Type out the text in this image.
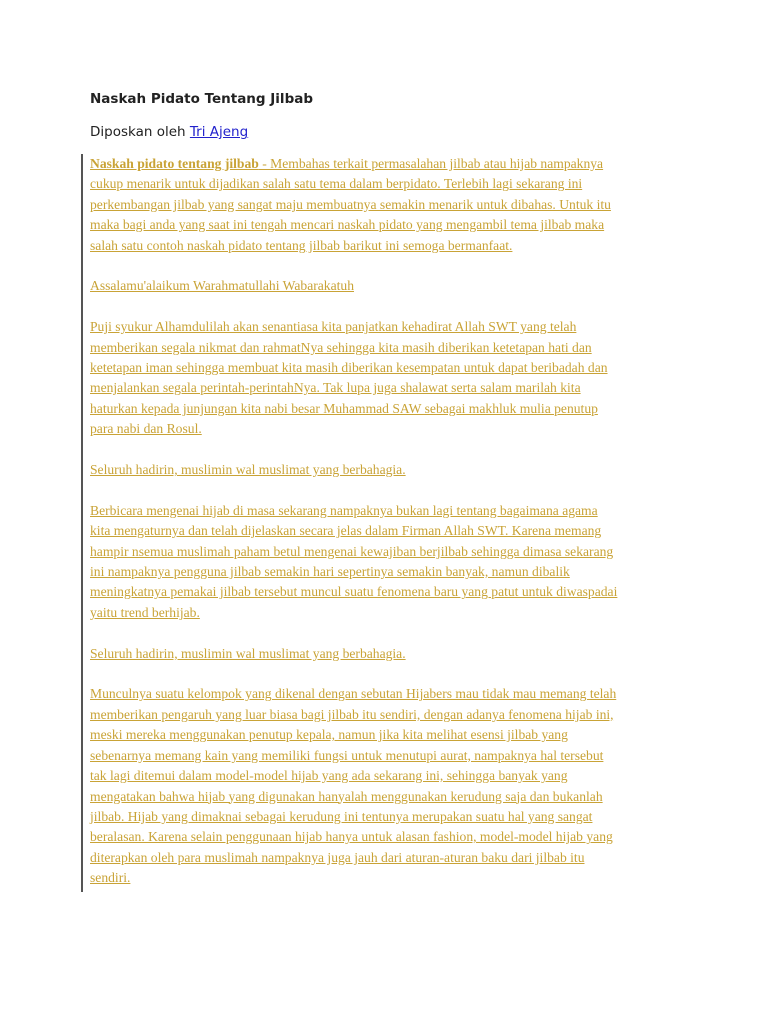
Naskah Pidato Tentang Jilbab
Diposkan oleh Tri Ajeng

Naskah pidato tentang jilbab - Membahas terkait permasalahan jilbab atau hijab nampaknya
cukup menarik untuk dijadikan salah satu tema dalam berpidato. Terlebih lagi sekarang ini
perkembangan jilbab yang sangat maju membuatnya semakin menarik untuk dibahas. Untuk itu
maka bagi anda yang saat ini tengah mencari naskah pidato yang mengambil tema jilbab maka
salah satu contoh naskah pidato tentang jilbab barikut ini semoga bermanfaat.

Assalamu'alaikum Warahmatullahi Wabarakatuh

Puji syukur Alhamdulilah akan senantiasa kita panjatkan kehadirat Allah SWT yang telah
memberikan segala nikmat dan rahmatNya sehingga kita masih diberikan ketetapan hati dan
ketetapan iman sehingga membuat kita masih diberikan kesempatan untuk dapat beribadah dan
menjalankan segala perintah-perintahNya. Tak lupa juga shalawat serta salam marilah kita
haturkan kepada junjungan kita nabi besar Muhammad SAW sebagai makhluk mulia penutup
para nabi dan Rosul.

Seluruh hadirin, muslimin wal muslimat yang berbahagia.

Berbicara mengenai hijab di masa sekarang nampaknya bukan lagi tentang bagaimana agama
kita mengaturnya dan telah dijelaskan secara jelas dalam Firman Allah SWT. Karena memang
hampir nsemua muslimah paham betul mengenai kewajiban berjilbab sehingga dimasa sekarang
ini nampaknya pengguna jilbab semakin hari sepertinya semakin banyak, namun dibalik
meningkatnya pemakai jilbab tersebut muncul suatu fenomena baru yang patut untuk diwaspadai
yaitu trend berhijab.

Seluruh hadirin, muslimin wal muslimat yang berbahagia.

Munculnya suatu kelompok yang dikenal dengan sebutan Hijabers mau tidak mau memang telah
memberikan pengaruh yang luar biasa bagi jilbab itu sendiri, dengan adanya fenomena hijab ini,
meski mereka menggunakan penutup kepala, namun jika kita melihat esensi jilbab yang
sebenarnya memang kain yang memiliki fungsi untuk menutupi aurat, nampaknya hal tersebut
tak lagi ditemui dalam model-model hijab yang ada sekarang ini, sehingga banyak yang
mengatakan bahwa hijab yang digunakan hanyalah menggunakan kerudung saja dan bukanlah
jilbab. Hijab yang dimaknai sebagai kerudung ini tentunya merupakan suatu hal yang sangat
beralasan. Karena selain penggunaan hijab hanya untuk alasan fashion, model-model hijab yang
diterapkan oleh para muslimah nampaknya juga jauh dari aturan-aturan baku dari jilbab itu
sendiri.
